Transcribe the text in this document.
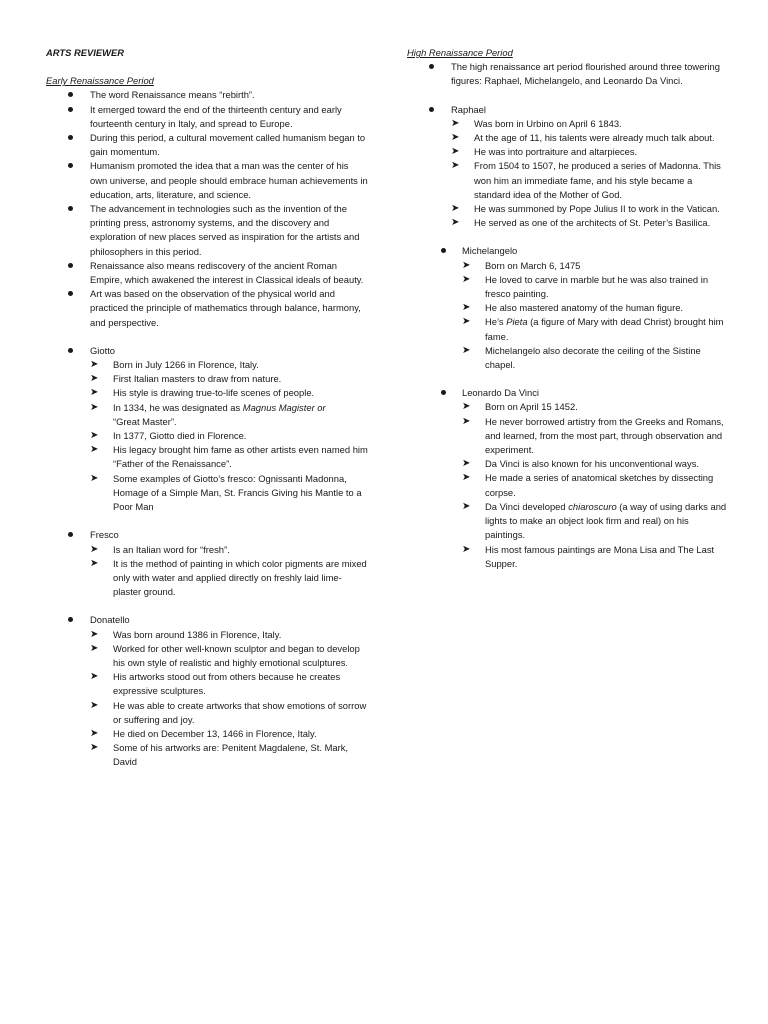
ARTS REVIEWER

Early Renaissance Period

The word Renaissance means “rebirth”.
It emerged toward the end of the thirteenth century and early fourteenth century in Italy, and spread to Europe.
During this period, a cultural movement called humanism began to gain momentum.
Humanism promoted the idea that a man was the center of his own universe, and people should embrace human achievements in education, arts, literature, and science.
The advancement in technologies such as the invention of the printing press, astronomy systems, and the discovery and exploration of new places served as inspiration for the artists and philosophers in this period.
Renaissance also means rediscovery of the ancient Roman Empire, which awakened the interest in Classical ideals of beauty.
Art was based on the observation of the physical world and practiced the principle of mathematics through balance, harmony, and perspective.
Giotto
➤ Born in July 1266 in Florence, Italy.
➤ First Italian masters to draw from nature.
➤ His style is drawing true-to-life scenes of people.
➤ In 1334, he was designated as Magnus Magister or
“Great Master”.
➤ In 1377, Giotto died in Florence.
➤ His legacy brought him fame as other artists even named him “Father of the Renaissance”.
➤ Some examples of Giotto’s fresco: Ognissanti Madonna, Homage of a Simple Man, St. Francis Giving his Mantle to a Poor Man
Fresco
➤ Is an Italian word for “fresh”.
➤ It is the method of painting in which color pigments are mixed only with water and applied directly on freshly laid lime-plaster ground.
Donatello
➤ Was born around 1386 in Florence, Italy.
➤ Worked for other well-known sculptor and began to develop his own style of realistic and highly emotional sculptures.
➤ His artworks stood out from others because he creates expressive sculptures.
➤ He was able to create artworks that show emotions of sorrow or suffering and joy.
➤ He died on December 13, 1466 in Florence, Italy.
➤ Some of his artworks are: Penitent Magdalene, St. Mark, David

High Renaissance Period

The high renaissance art period flourished around three towering figures: Raphael, Michelangelo, and Leonardo Da Vinci.
Raphael
➤ Was born in Urbino on April 6 1843.
➤ At the age of 11, his talents were already much talk about.
➤ He was into portraiture and altarpieces.
➤ From 1504 to 1507, he produced a series of Madonna. This won him an immediate fame, and his style became a standard idea of the Mother of God.
➤ He was summoned by Pope Julius II to work in the Vatican.
➤ He served as one of the architects of St. Peter’s Basilica.
Michelangelo
➤ Born on March 6, 1475
➤ He loved to carve in marble but he was also trained in fresco painting.
➤ He also mastered anatomy of the human figure.
➤ He’s Pieta (a figure of Mary with dead Christ) brought him fame.
➤ Michelangelo also decorate the ceiling of the Sistine chapel.
Leonardo Da Vinci
➤ Born on April 15 1452.
➤ He never borrowed artistry from the Greeks and Romans, and learned, from the most part, through observation and experiment.
➤ Da Vinci is also known for his unconventional ways.
➤ He made a series of anatomical sketches by dissecting corpse.
➤ Da Vinci developed chiaroscuro (a way of using darks and lights to make an object look firm and real) on his paintings.
➤ His most famous paintings are Mona Lisa and The Last Supper.
